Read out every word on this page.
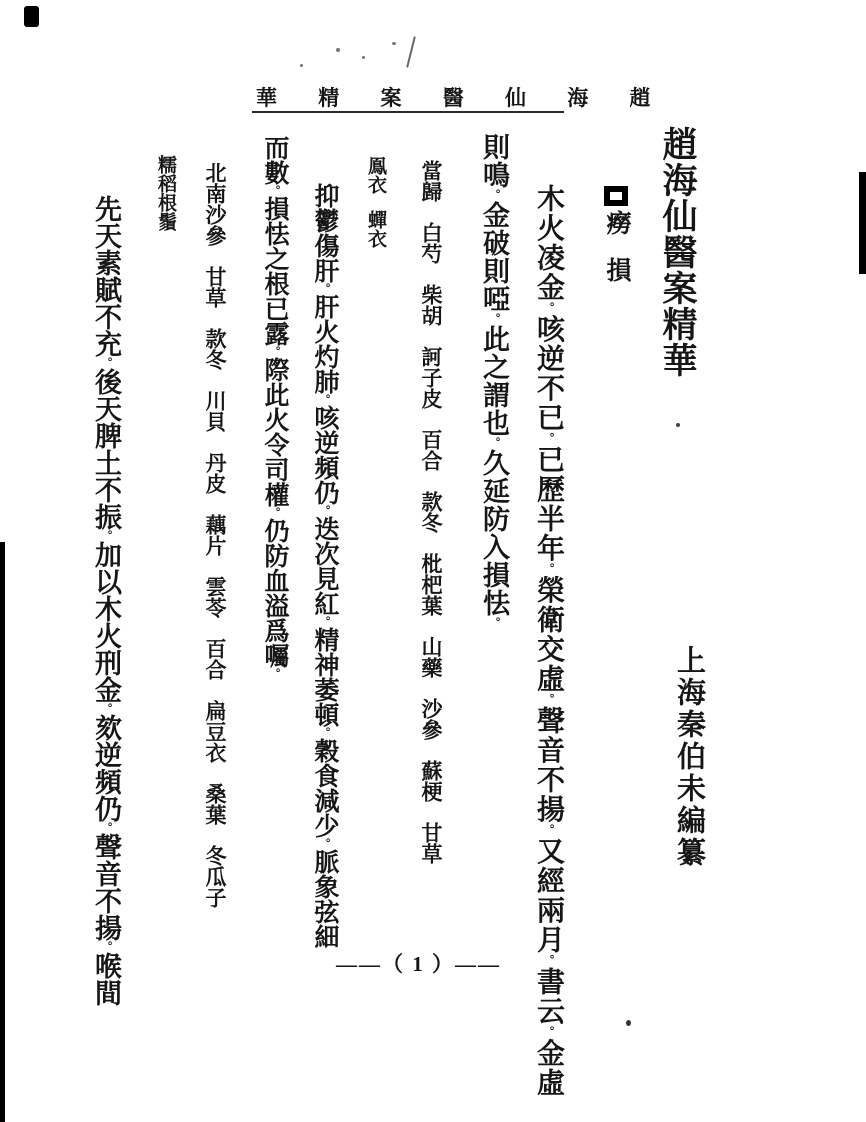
華 精 案 醫 仙 海 趙
趙海仙醫案精華
癆損
上海秦伯未編纂
木火凌金。咳逆不已。已歷半年。榮衛交虛。聲音不揚。又經兩月。書云。金虛
則鳴。金破則啞。此之謂也。久延防入損怯。
當歸白芍柴胡訶子皮百合款冬枇杷葉山藥沙參蘇梗甘草
鳯衣蟬衣
抑鬱傷肝。肝火灼肺。咳逆頻仍。迭次見紅。精神萎頓。穀食減少。脈象弦細
而數。損怯之根已露。際此火令司權。仍防血溢爲囑。
北南沙參甘草款冬川貝丹皮藕片雲苓百合扁豆衣桑葉冬瓜子
糯稻根鬚
先天素賦不充。後天脾土不振。加以木火刑金。欬逆頻仍。聲音不揚。喉間	——（ 1 ）——
